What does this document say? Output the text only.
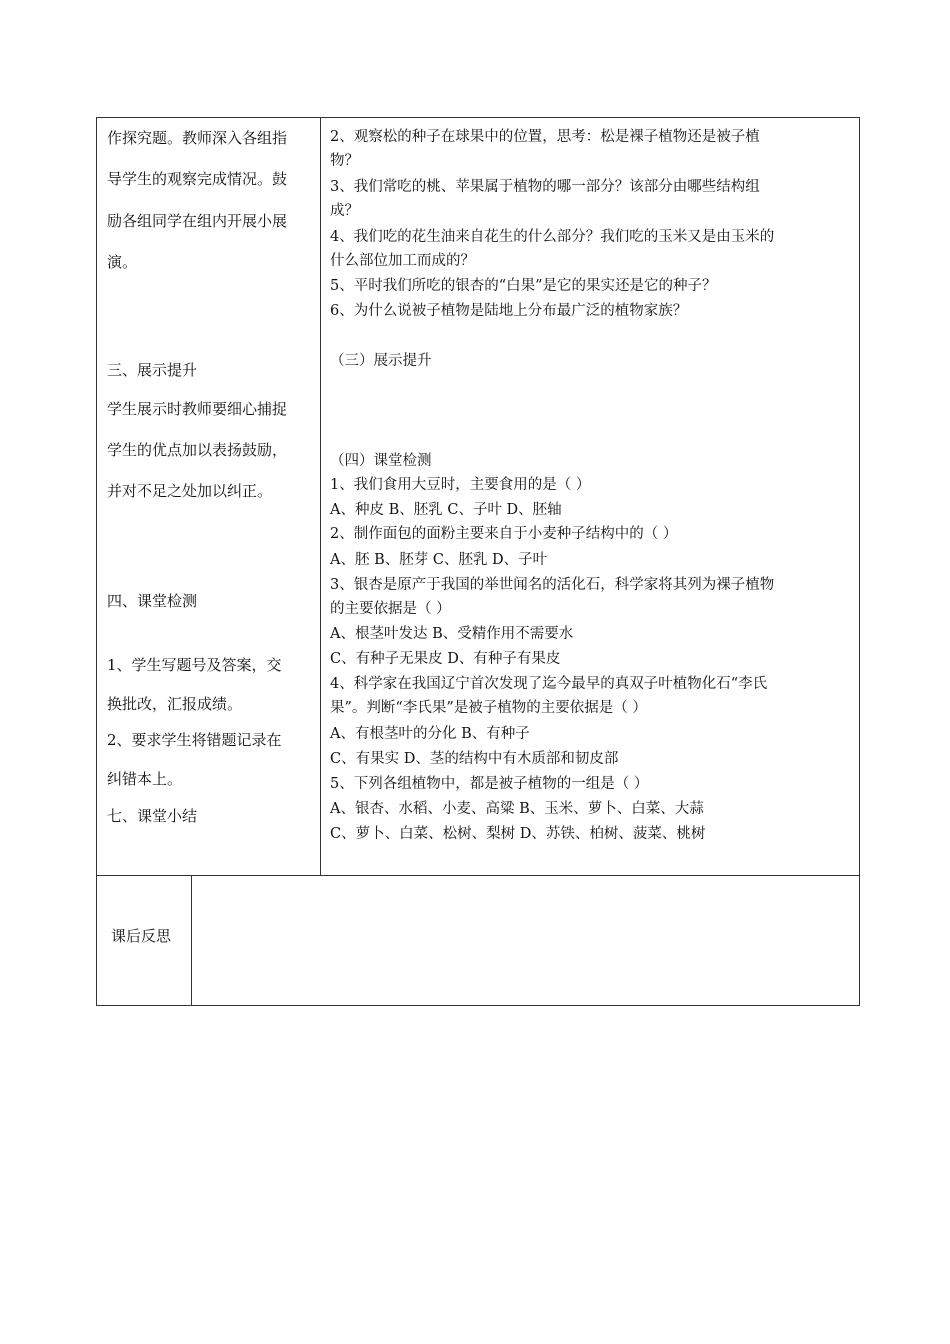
作探究题。教师深入各组指
导学生的观察完成情况。鼓
励各组同学在组内开展小展
演。
三、展示提升
学生展示时教师要细心捕捉
学生的优点加以表扬鼓励，
并对不足之处加以纠正。
四、课堂检测
1、学生写题号及答案，交
换批改，汇报成绩。
2、要求学生将错题记录在
纠错本上。
七、课堂小结
2、观察松的种子在球果中的位置，思考：松是裸子植物还是被子植
物？
3、我们常吃的桃、苹果属于植物的哪一部分？该部分由哪些结构组
成？
4、我们吃的花生油来自花生的什么部分？我们吃的玉米又是由玉米的
什么部位加工而成的？
5、平时我们所吃的银杏的“白果”是它的果实还是它的种子？
6、为什么说被子植物是陆地上分布最广泛的植物家族？
（三）展示提升
（四）课堂检测
1、我们食用大豆时，主要食用的是（ ）
A、种皮 B、胚乳 C、子叶 D、胚轴
2、制作面包的面粉主要来自于小麦种子结构中的（ ）
A、胚 B、胚芽 C、胚乳 D、子叶
3、银杏是原产于我国的举世闻名的活化石，科学家将其列为裸子植物
的主要依据是（ ）
A、根茎叶发达 B、受精作用不需要水
C、有种子无果皮 D、有种子有果皮
4、科学家在我国辽宁首次发现了迄今最早的真双子叶植物化石“李氏
果”。判断“李氏果”是被子植物的主要依据是（ ）
A、有根茎叶的分化 B、有种子
C、有果实 D、茎的结构中有木质部和韧皮部
5、下列各组植物中，都是被子植物的一组是（ ）
A、银杏、水稻、小麦、高粱 B、玉米、萝卜、白菜、大蒜
C、萝卜、白菜、松树、梨树 D、苏铁、柏树、菠菜、桃树
课后反思
